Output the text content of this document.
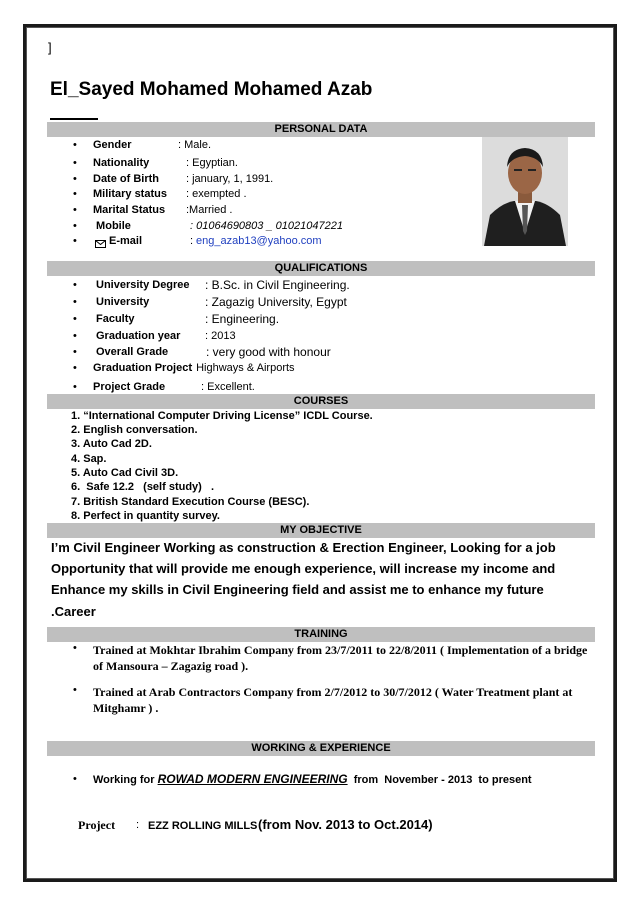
]
El_Sayed Mohamed Mohamed Azab
PERSONAL DATA
• Gender	: Male.
• Nationality	: Egyptian.
• Date of Birth : january, 1, 1991.
• Military status : exempted .
• Marital Status :Married .
• Mobile	: 01064690803 _ 01021047221
•	E-mail	: eng_azab13@yahoo.com
QUALIFICATIONS
• University Degree : B.Sc. in Civil Engineering.
• University	: Zagazig University, Egypt
• Faculty	: Engineering.
• Graduation year : 2013
• Overall Grade	: very good with honour
• Graduation Project
: Highways & Airports
• Project Grade	: Excellent.
COURSES
1. “International Computer Driving License” ICDL Course.
2. English conversation.
3. Auto Cad 2D.
4. Sap.
5. Auto Cad Civil 3D.
6.  Safe 12.2   (self study)   .
7. British Standard Execution Course (BESC).
8. Perfect in quantity survey.
MY OBJECTIVE
I’m Civil Engineer Working as construction & Erection Engineer, Looking for a job
Opportunity that will provide me enough experience, will increase my income and
Enhance my skills in Civil Engineering field and assist me to enhance my future
.Career
TRAINING
• Trained at Mokhtar Ibrahim Company from 23/7/2011 to 22/8/2011 ( Implementation of a bridge
of Mansoura – Zagazig road ).
• Trained at Arab Contractors Company from 2/7/2012 to 30/7/2012 ( Water Treatment plant at
Mitghamr ) .
WORKING & EXPERIENCE
• Working for ROWAD MODERN ENGINEERING  from  November - 2013  to present
Project : EZZ ROLLING MILLS (from Nov. 2013 to Oct.2014)
